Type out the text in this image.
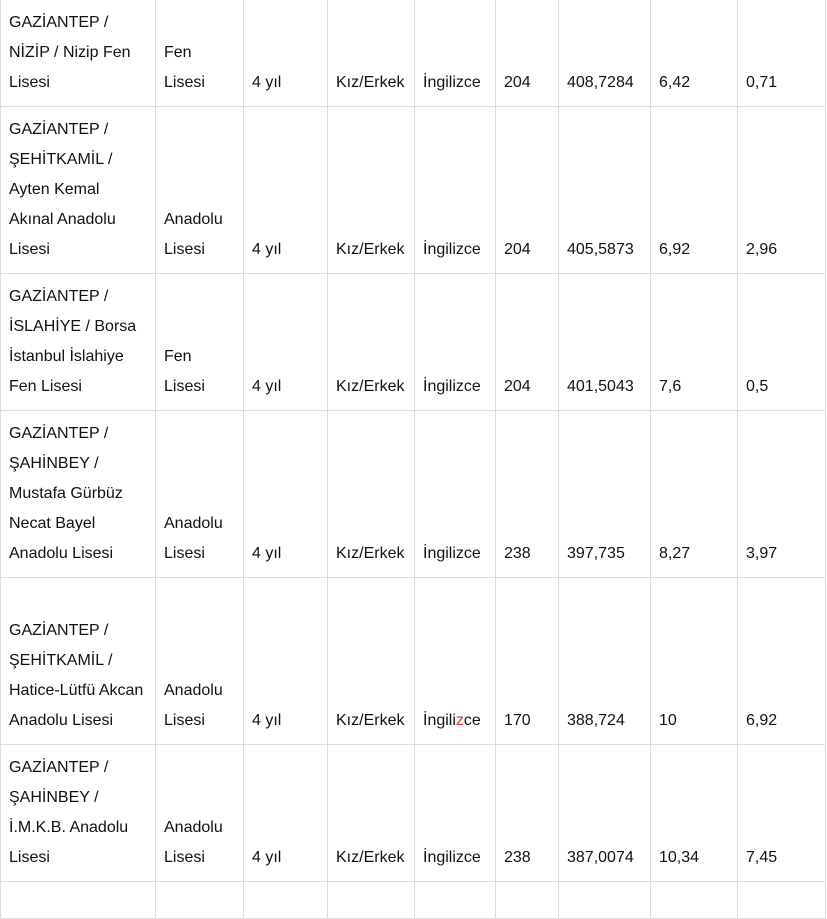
GAZİANTEP / NİZİP / Nizip Fen Lisesi	Fen Lisesi	4 yıl	Kız/Erkek	İngilizce	204	408,7284	6,42	0,71
GAZİANTEP / ŞEHİTKAMİL / Ayten Kemal Akınal Anadolu Lisesi	Anadolu Lisesi	4 yıl	Kız/Erkek	İngilizce	204	405,5873	6,92	2,96
GAZİANTEP / İSLAHİYE / Borsa İstanbul İslahiye Fen Lisesi	Fen Lisesi	4 yıl	Kız/Erkek	İngilizce	204	401,5043	7,6	0,5
GAZİANTEP / ŞAHİNBEY / Mustafa Gürbüz Necat Bayel Anadolu Lisesi	Anadolu Lisesi	4 yıl	Kız/Erkek	İngilizce	238	397,735	8,27	3,97
GAZİANTEP / ŞEHİTKAMİL / Hatice-Lütfü Akcan Anadolu Lisesi	Anadolu Lisesi	4 yıl	Kız/Erkek	İngilizce	170	388,724	10	6,92
GAZİANTEP / ŞAHİNBEY / İ.M.K.B. Anadolu Lisesi	Anadolu Lisesi	4 yıl	Kız/Erkek	İngilizce	238	387,0074	10,34	7,45
